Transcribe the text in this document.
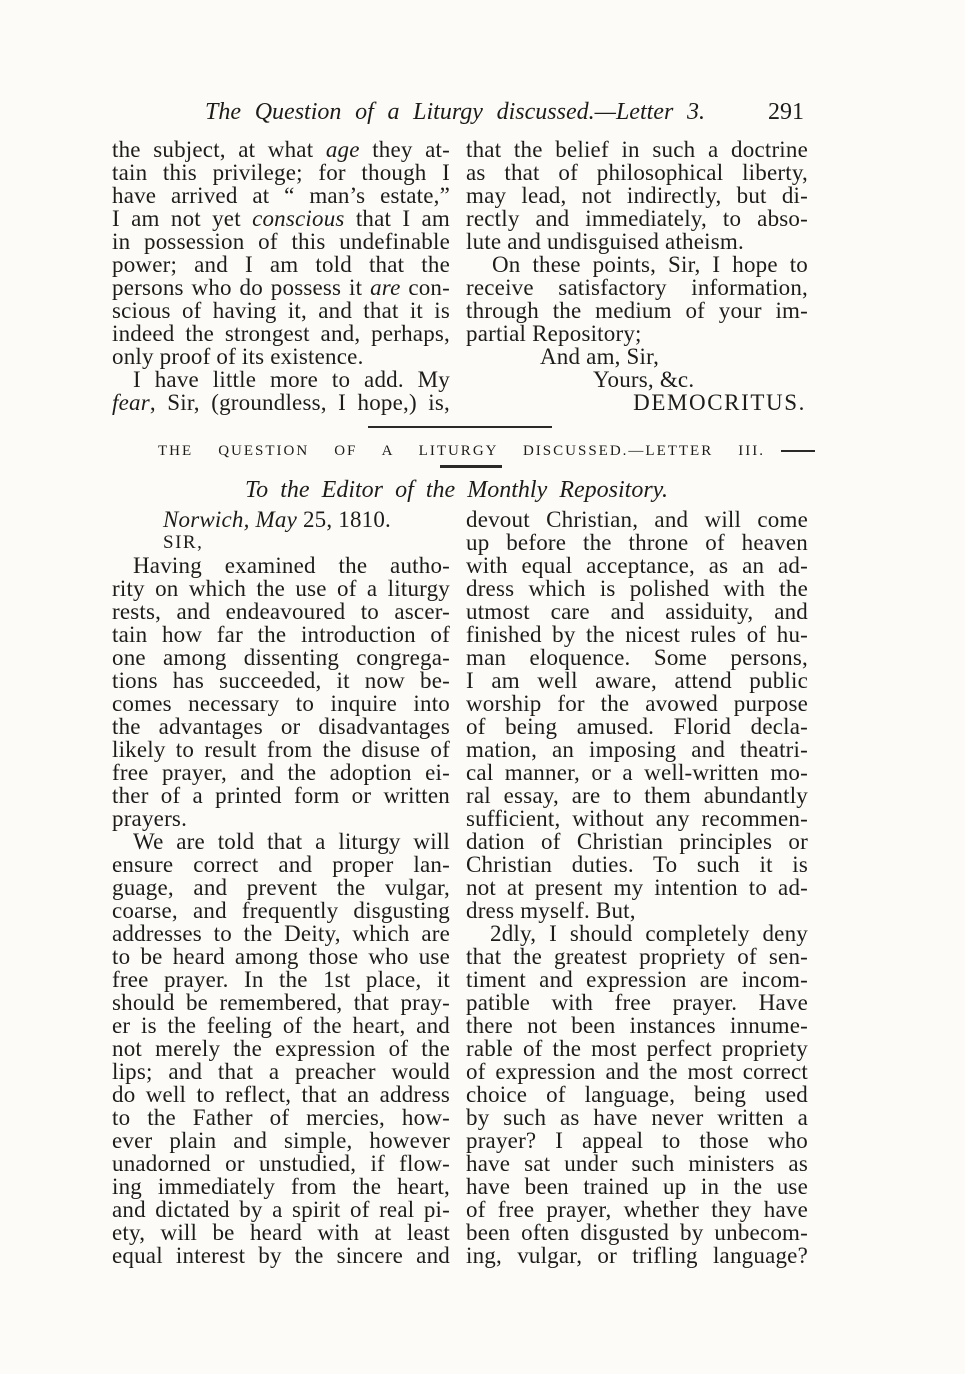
The Question of a Liturgy discussed.—Letter 3.	291
the subject, at what age they at-
tain this privilege; for though I
have arrived at “ man’s estate,”
I am not yet conscious that I am
in possession of this undefinable
power; and I am told that the
persons who do possess it are con-
scious of having it, and that it is
indeed the strongest and, perhaps,
only proof of its existence.
I have little more to add. My
fear, Sir, (groundless, I hope,) is,
that the belief in such a doctrine
as that of philosophical liberty,
may lead, not indirectly, but di-
rectly and immediately, to abso-
lute and undisguised atheism.
On these points, Sir, I hope to
receive satisfactory information,
through the medium of your im-
partial Repository;
And am, Sir,
Yours, &c.
DEMOCRITUS.
THE QUESTION OF A LITURGY DISCUSSED.—LETTER III.
To the Editor of the Monthly Repository.
Norwich, May 25, 1810.
SIR,
Having examined the autho-
rity on which the use of a liturgy
rests, and endeavoured to ascer-
tain how far the introduction of
one among dissenting congrega-
tions has succeeded, it now be-
comes necessary to inquire into
the advantages or disadvantages
likely to result from the disuse of
free prayer, and the adoption ei-
ther of a printed form or written
prayers.
We are told that a liturgy will
ensure correct and proper lan-
guage, and prevent the vulgar,
coarse, and frequently disgusting
addresses to the Deity, which are
to be heard among those who use
free prayer. In the 1st place, it
should be remembered, that pray-
er is the feeling of the heart, and
not merely the expression of the
lips; and that a preacher would
do well to reflect, that an address
to the Father of mercies, how-
ever plain and simple, however
unadorned or unstudied, if flow-
ing immediately from the heart,
and dictated by a spirit of real pi-
ety, will be heard with at least
equal interest by the sincere and
devout Christian, and will come
up before the throne of heaven
with equal acceptance, as an ad-
dress which is polished with the
utmost care and assiduity, and
finished by the nicest rules of hu-
man eloquence. Some persons,
I am well aware, attend public
worship for the avowed purpose
of being amused. Florid decla-
mation, an imposing and theatri-
cal manner, or a well-written mo-
ral essay, are to them abundantly
sufficient, without any recommen-
dation of Christian principles or
Christian duties. To such it is
not at present my intention to ad-
dress myself. But,
2dly, I should completely deny
that the greatest propriety of sen-
timent and expression are incom-
patible with free prayer. Have
there not been instances innume-
rable of the most perfect propriety
of expression and the most correct
choice of language, being used
by such as have never written a
prayer? I appeal to those who
have sat under such ministers as
have been trained up in the use
of free prayer, whether they have
been often disgusted by unbecom-
ing, vulgar, or trifling language?
